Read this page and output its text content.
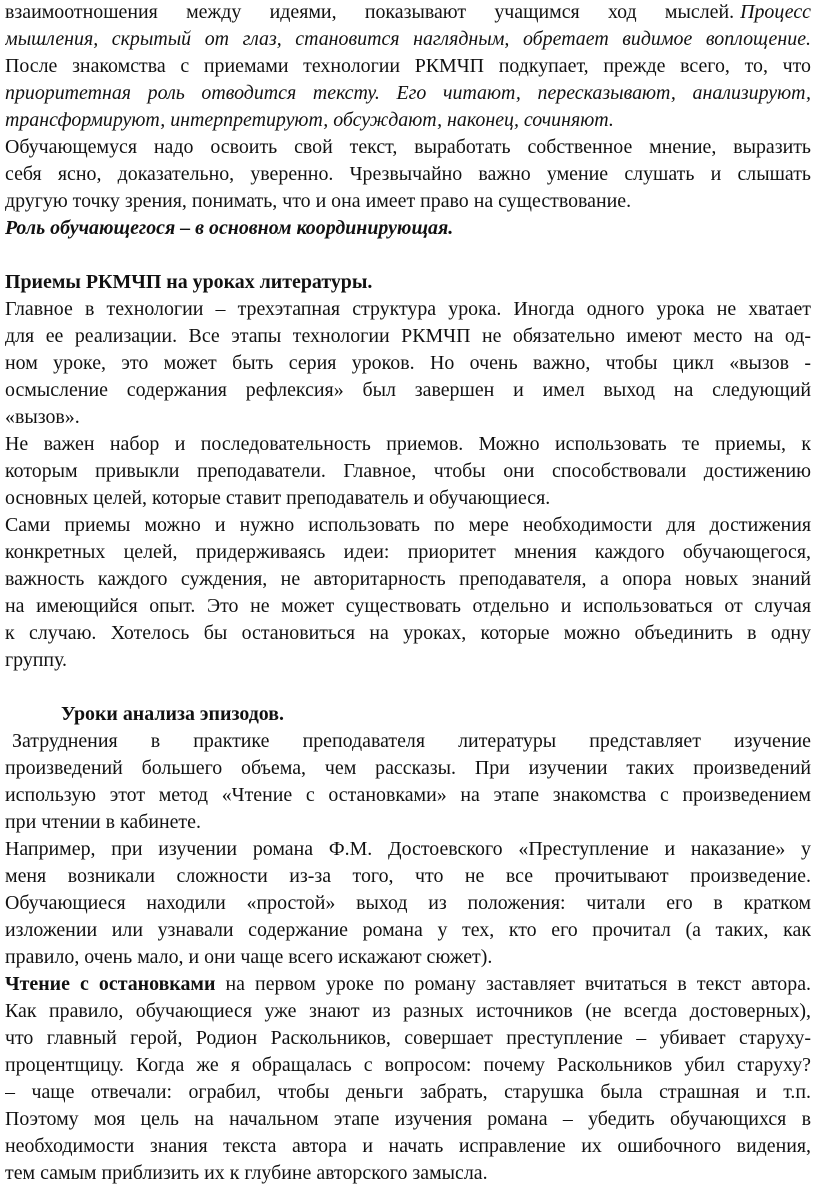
взаимоотношения между идеями, показывают учащимся ход мыслей. Процесс
мышления, скрытый от глаз, становится наглядным, обретает видимое воплощение.
После знакомства с приемами технологии РКМЧП подкупает, прежде всего, то, что
приоритетная роль отводится тексту. Его читают, пересказывают, анализируют,
трансформируют, интерпретируют, обсуждают, наконец, сочиняют.
Обучающемуся надо освоить свой текст, выработать собственное мнение, выразить
себя ясно, доказательно, уверенно. Чрезвычайно важно умение слушать и слышать
другую точку зрения, понимать, что и она имеет право на существование.
Роль обучающегося – в основном координирующая.
Приемы РКМЧП на уроках литературы.
Главное в технологии – трехэтапная структура урока. Иногда одного урока не хватает
для ее реализации. Все этапы технологии РКМЧП не обязательно имеют место на од-
ном уроке, это может быть серия уроков. Но очень важно, чтобы цикл «вызов -
осмысление содержания рефлексия» был завершен и имел выход на следующий
«вызов».
Не важен набор и последовательность приемов. Можно использовать те приемы, к
которым привыкли преподаватели. Главное, чтобы они способствовали достижению
основных целей, которые ставит преподаватель и обучающиеся.
Сами приемы можно и нужно использовать по мере необходимости для достижения
конкретных целей, придерживаясь идеи: приоритет мнения каждого обучающегося,
важность каждого суждения, не авторитарность преподавателя, а опора новых знаний
на имеющийся опыт. Это не может существовать отдельно и использоваться от случая
к случаю. Хотелось бы остановиться на уроках, которые можно объединить в одну
группу.
Уроки анализа эпизодов.
Затруднения в практике преподавателя литературы представляет изучение
произведений большего объема, чем рассказы. При изучении таких произведений
использую этот метод «Чтение с остановками» на этапе знакомства с произведением
при чтении в кабинете.
Например, при изучении романа Ф.М. Достоевского «Преступление и наказание» у
меня возникали сложности из-за того, что не все прочитывают произведение.
Обучающиеся находили «простой» выход из положения: читали его в кратком
изложении или узнавали содержание романа у тех, кто его прочитал (а таких, как
правило, очень мало, и они чаще всего искажают сюжет).
Чтение с остановками на первом уроке по роману заставляет вчитаться в текст автора.
Как правило, обучающиеся уже знают из разных источников (не всегда достоверных),
что главный герой, Родион Раскольников, совершает преступление – убивает старуху-
процентщицу. Когда же я обращалась с вопросом: почему Раскольников убил старуху?
– чаще отвечали: ограбил, чтобы деньги забрать, старушка была страшная и т.п.
Поэтому моя цель на начальном этапе изучения романа – убедить обучающихся в
необходимости знания текста автора и начать исправление их ошибочного видения,
тем самым приблизить их к глубине авторского замысла.
